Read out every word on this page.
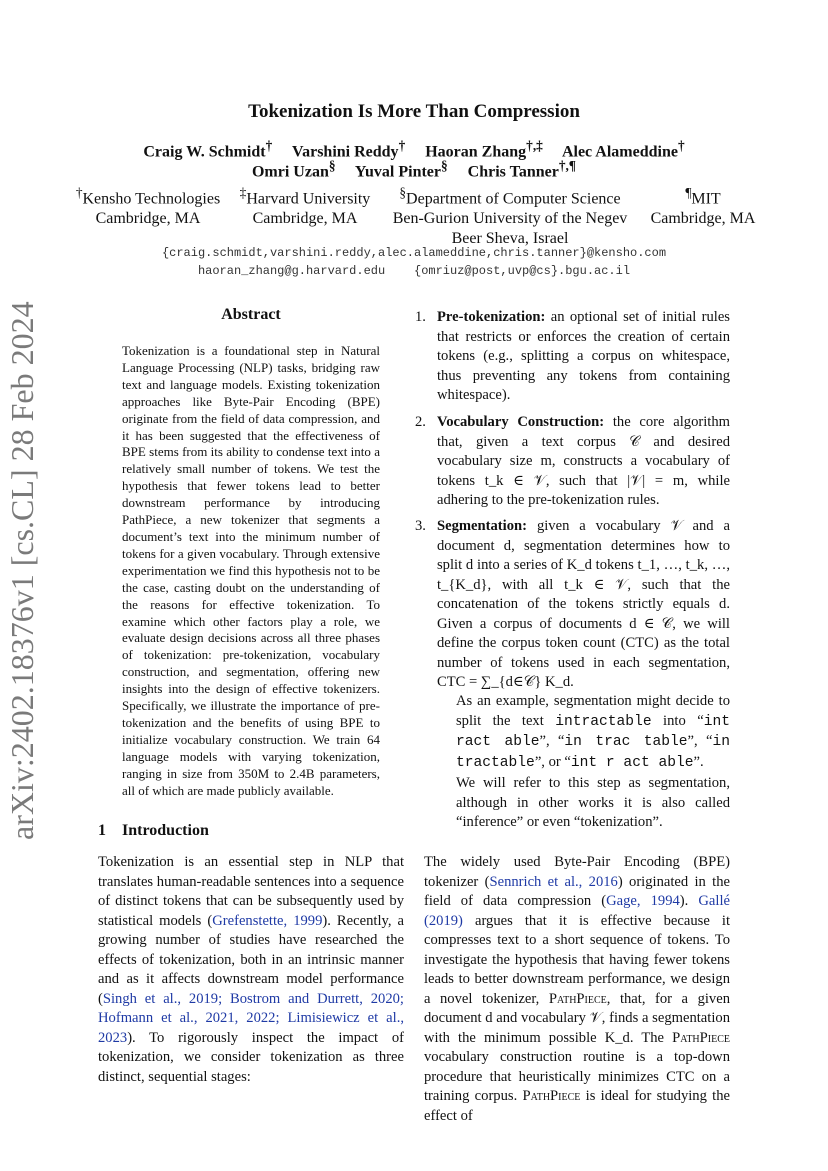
Tokenization Is More Than Compression
Craig W. Schmidt† Varshini Reddy† Haoran Zhang†,‡ Alec Alameddine†
Omri Uzan§ Yuval Pinter§ Chris Tanner†,¶
†Kensho Technologies
Cambridge, MA
‡Harvard University
Cambridge, MA
§Department of Computer Science
Ben-Gurion University of the Negev
Beer Sheva, Israel
¶MIT
Cambridge, MA
{craig.schmidt,varshini.reddy,alec.alameddine,chris.tanner}@kensho.com
haoran_zhang@g.harvard.edu {omriuz@post,uvp@cs}.bgu.ac.il
arXiv:2402.18376v1 [cs.CL] 28 Feb 2024	Abstract
Tokenization is a foundational step in Natural Language Processing (NLP) tasks, bridging raw text and language models. Existing tokenization approaches like Byte-Pair Encoding (BPE) originate from the field of data compression, and it has been suggested that the effectiveness of BPE stems from its ability to condense text into a relatively small number of tokens. We test the hypothesis that fewer tokens lead to better downstream performance by introducing PathPiece, a new tokenizer that segments a document’s text into the minimum number of tokens for a given vocabulary. Through extensive experimentation we find this hypothesis not to be the case, casting doubt on the understanding of the reasons for effective tokenization. To examine which other factors play a role, we evaluate design decisions across all three phases of tokenization: pre-tokenization, vocabulary construction, and segmentation, offering new insights into the design of effective tokenizers. Specifically, we illustrate the importance of pre-tokenization and the benefits of using BPE to initialize vocabulary construction. We train 64 language models with varying tokenization, ranging in size from 350M to 2.4B parameters, all of which are made publicly available.
1 Introduction
Tokenization is an essential step in NLP that translates human-readable sentences into a sequence of distinct tokens that can be subsequently used by statistical models (Grefenstette, 1999). Recently, a growing number of studies have researched the effects of tokenization, both in an intrinsic manner and as it affects downstream model performance (Singh et al., 2019; Bostrom and Durrett, 2020; Hofmann et al., 2021, 2022; Limisiewicz et al., 2023). To rigorously inspect the impact of tokenization, we consider tokenization as three distinct, sequential stages:
1. Pre-tokenization: an optional set of initial rules that restricts or enforces the creation of certain tokens (e.g., splitting a corpus on whitespace, thus preventing any tokens from containing whitespace).
2. Vocabulary Construction: the core algorithm that, given a text corpus 𝒞 and desired vocabulary size m, constructs a vocabulary of tokens t_k ∈ 𝒱, such that |𝒱| = m, while adhering to the pre-tokenization rules.
3. Segmentation: given a vocabulary 𝒱 and a document d, segmentation determines how to split d into a series of K_d tokens t_1, …, t_k, …, t_{K_d}, with all t_k ∈ 𝒱, such that the concatenation of the tokens strictly equals d. Given a corpus of documents d ∈ 𝒞, we will define the corpus token count (CTC) as the total number of tokens used in each segmentation, CTC = ∑_{d∈𝒞} K_d.
As an example, segmentation might decide to split the text intractable into “int ract able”, “in trac table”, “in tractable”, or “int r act able”.
We will refer to this step as segmentation, although in other works it is also called “inference” or even “tokenization”.
The widely used Byte-Pair Encoding (BPE) tokenizer (Sennrich et al., 2016) originated in the field of data compression (Gage, 1994). Gallé (2019) argues that it is effective because it compresses text to a short sequence of tokens. To investigate the hypothesis that having fewer tokens leads to better downstream performance, we design a novel tokenizer, PathPiece, that, for a given document d and vocabulary 𝒱, finds a segmentation with the minimum possible K_d. The PathPiece vocabulary construction routine is a top-down procedure that heuristically minimizes CTC on a training corpus. PathPiece is ideal for studying the effect of
